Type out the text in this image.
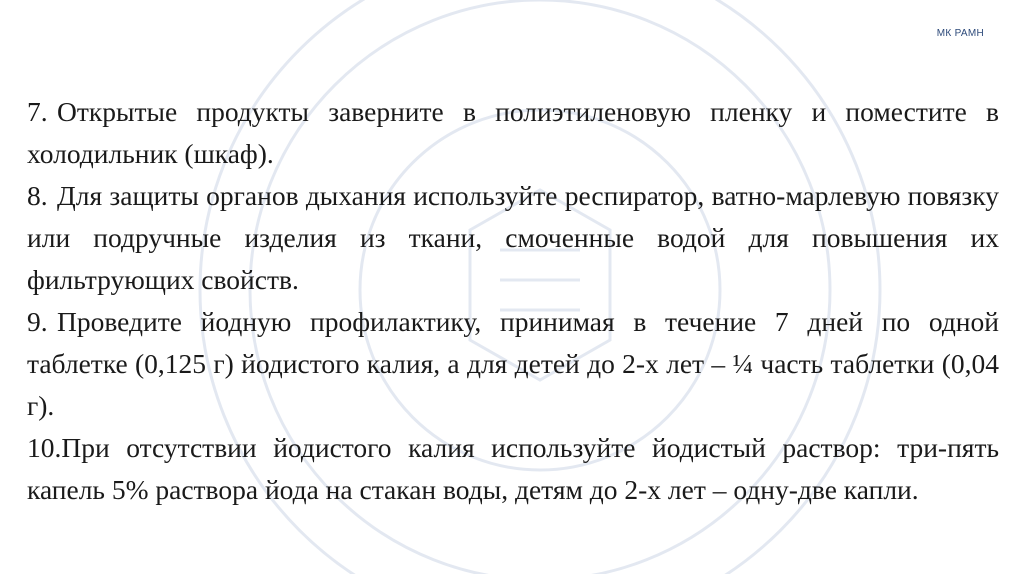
МК РАМН

7. Открытые продукты заверните в полиэтиленовую пленку и поместите в холодильник (шкаф).

8. Для защиты органов дыхания используйте респиратор, ватно-марлевую повязку или подручные изделия из ткани, смоченные водой для повышения их фильтрующих свойств.

9. Проведите йодную профилактику, принимая в течение 7 дней по одной таблетке (0,125 г) йодистого калия, а для детей до 2-х лет – ¼ часть таблетки (0,04 г).

10.При отсутствии йодистого калия используйте йодистый раствор: три-пять капель 5% раствора йода на стакан воды, детям до 2-х лет – одну-две капли.
